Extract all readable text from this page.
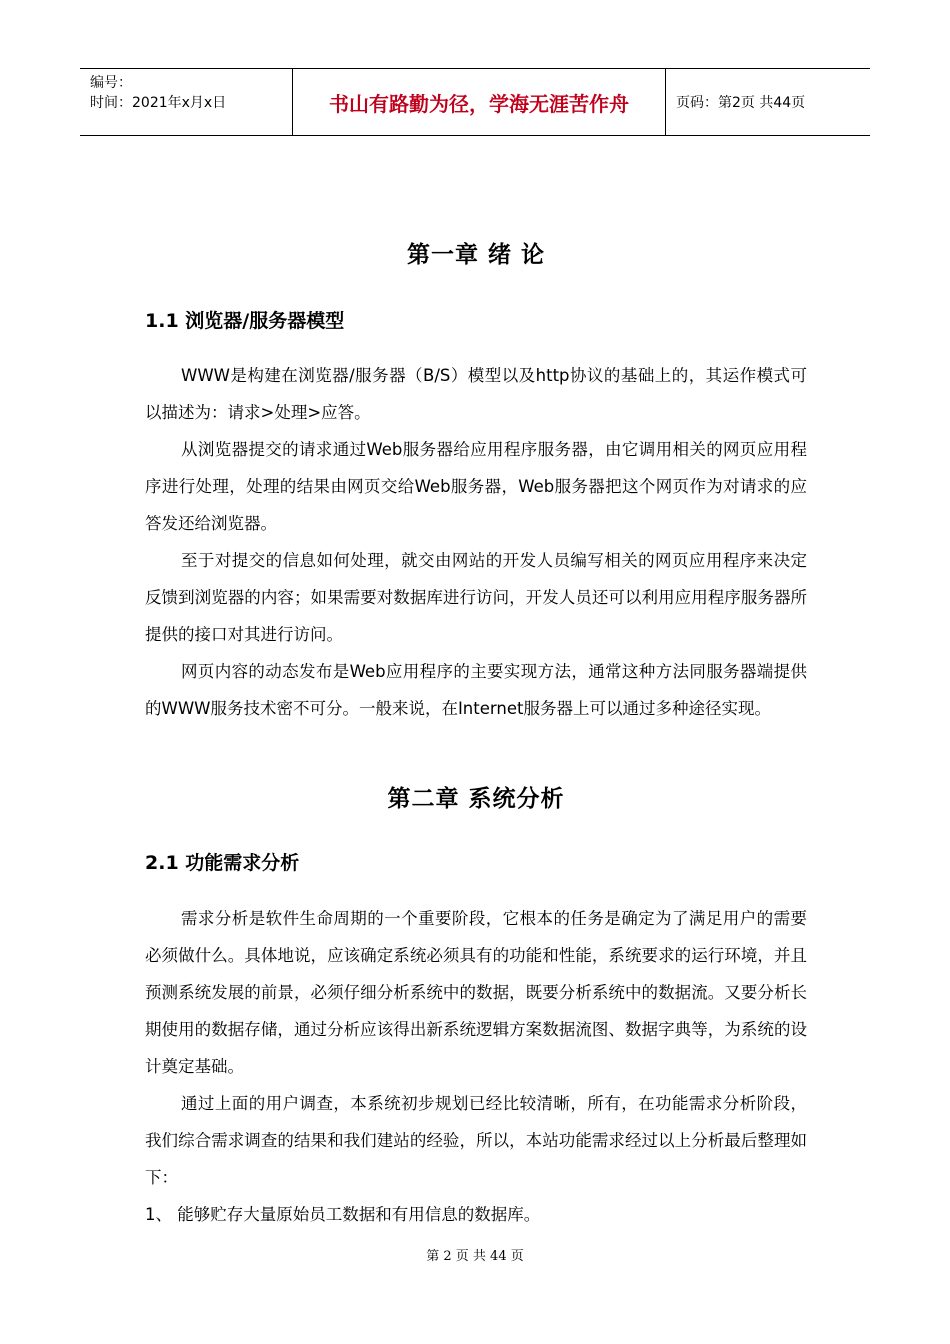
编号：
时间：2021年x月x日	书山有路勤为径，学海无涯苦作舟	页码：第2页 共44页
第一章 绪 论
1.1 浏览器/服务器模型

WWW是构建在浏览器/服务器（B/S）模型以及http协议的基础上的，其运作模式可以描述为：请求>处理>应答。

从浏览器提交的请求通过Web服务器给应用程序服务器，由它调用相关的网页应用程序进行处理，处理的结果由网页交给Web服务器，Web服务器把这个网页作为对请求的应答发还给浏览器。

至于对提交的信息如何处理，就交由网站的开发人员编写相关的网页应用程序来决定反馈到浏览器的内容；如果需要对数据库进行访问，开发人员还可以利用应用程序服务器所提供的接口对其进行访问。

网页内容的动态发布是Web应用程序的主要实现方法，通常这种方法同服务器端提供的WWW服务技术密不可分。一般来说，在Internet服务器上可以通过多种途径实现。

第二章 系统分析
2.1 功能需求分析

需求分析是软件生命周期的一个重要阶段，它根本的任务是确定为了满足用户的需要必须做什么。具体地说，应该确定系统必须具有的功能和性能，系统要求的运行环境，并且预测系统发展的前景，必须仔细分析系统中的数据，既要分析系统中的数据流。又要分析长期使用的数据存储，通过分析应该得出新系统逻辑方案数据流图、数据字典等，为系统的设计奠定基础。

通过上面的用户调查，本系统初步规划已经比较清晰，所有，在功能需求分析阶段，我们综合需求调查的结果和我们建站的经验，所以，本站功能需求经过以上分析最后整理如下：

1、 能够贮存大量原始员工数据和有用信息的数据库。

第 2 页 共 44 页
